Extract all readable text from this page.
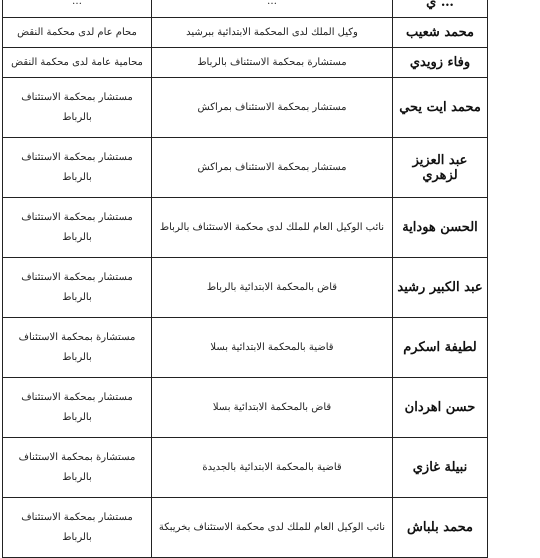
… ي	…	…
محمد شعيب	وكيل الملك لدى المحكمة الابتدائية ببرشيد	محام عام لدى محكمة النقض
وفاء زويدي	مستشارة بمحكمة الاستئناف بالرباط	محامية عامة لدى محكمة النقض
محمد ايت يحي	مستشار بمحكمة الاستئناف بمراكش	مستشار بمحكمة الاستئناف بالرباط
عبد العزيز لزهري	مستشار بمحكمة الاستئناف بمراكش	مستشار بمحكمة الاستئناف بالرباط
الحسن هوداية	نائب الوكيل العام للملك لدى محكمة الاستئناف بالرباط	مستشار بمحكمة الاستئناف بالرباط
عبد الكبير رشيد	قاض بالمحكمة الابتدائية بالرباط	مستشار بمحكمة الاستئناف بالرباط
لطيفة اسكرم	قاضية بالمحكمة الابتدائية بسلا	مستشارة بمحكمة الاستئناف بالرباط
حسن اهردان	قاض بالمحكمة الابتدائية بسلا	مستشار بمحكمة الاستئناف بالرباط
نبيلة غازي	قاضية بالمحكمة الابتدائية بالجديدة	مستشارة بمحكمة الاستئناف بالرباط
محمد بلباش	نائب الوكيل العام للملك لدى محكمة الاستئناف بخريبكة	مستشار بمحكمة الاستئناف بالرباط
